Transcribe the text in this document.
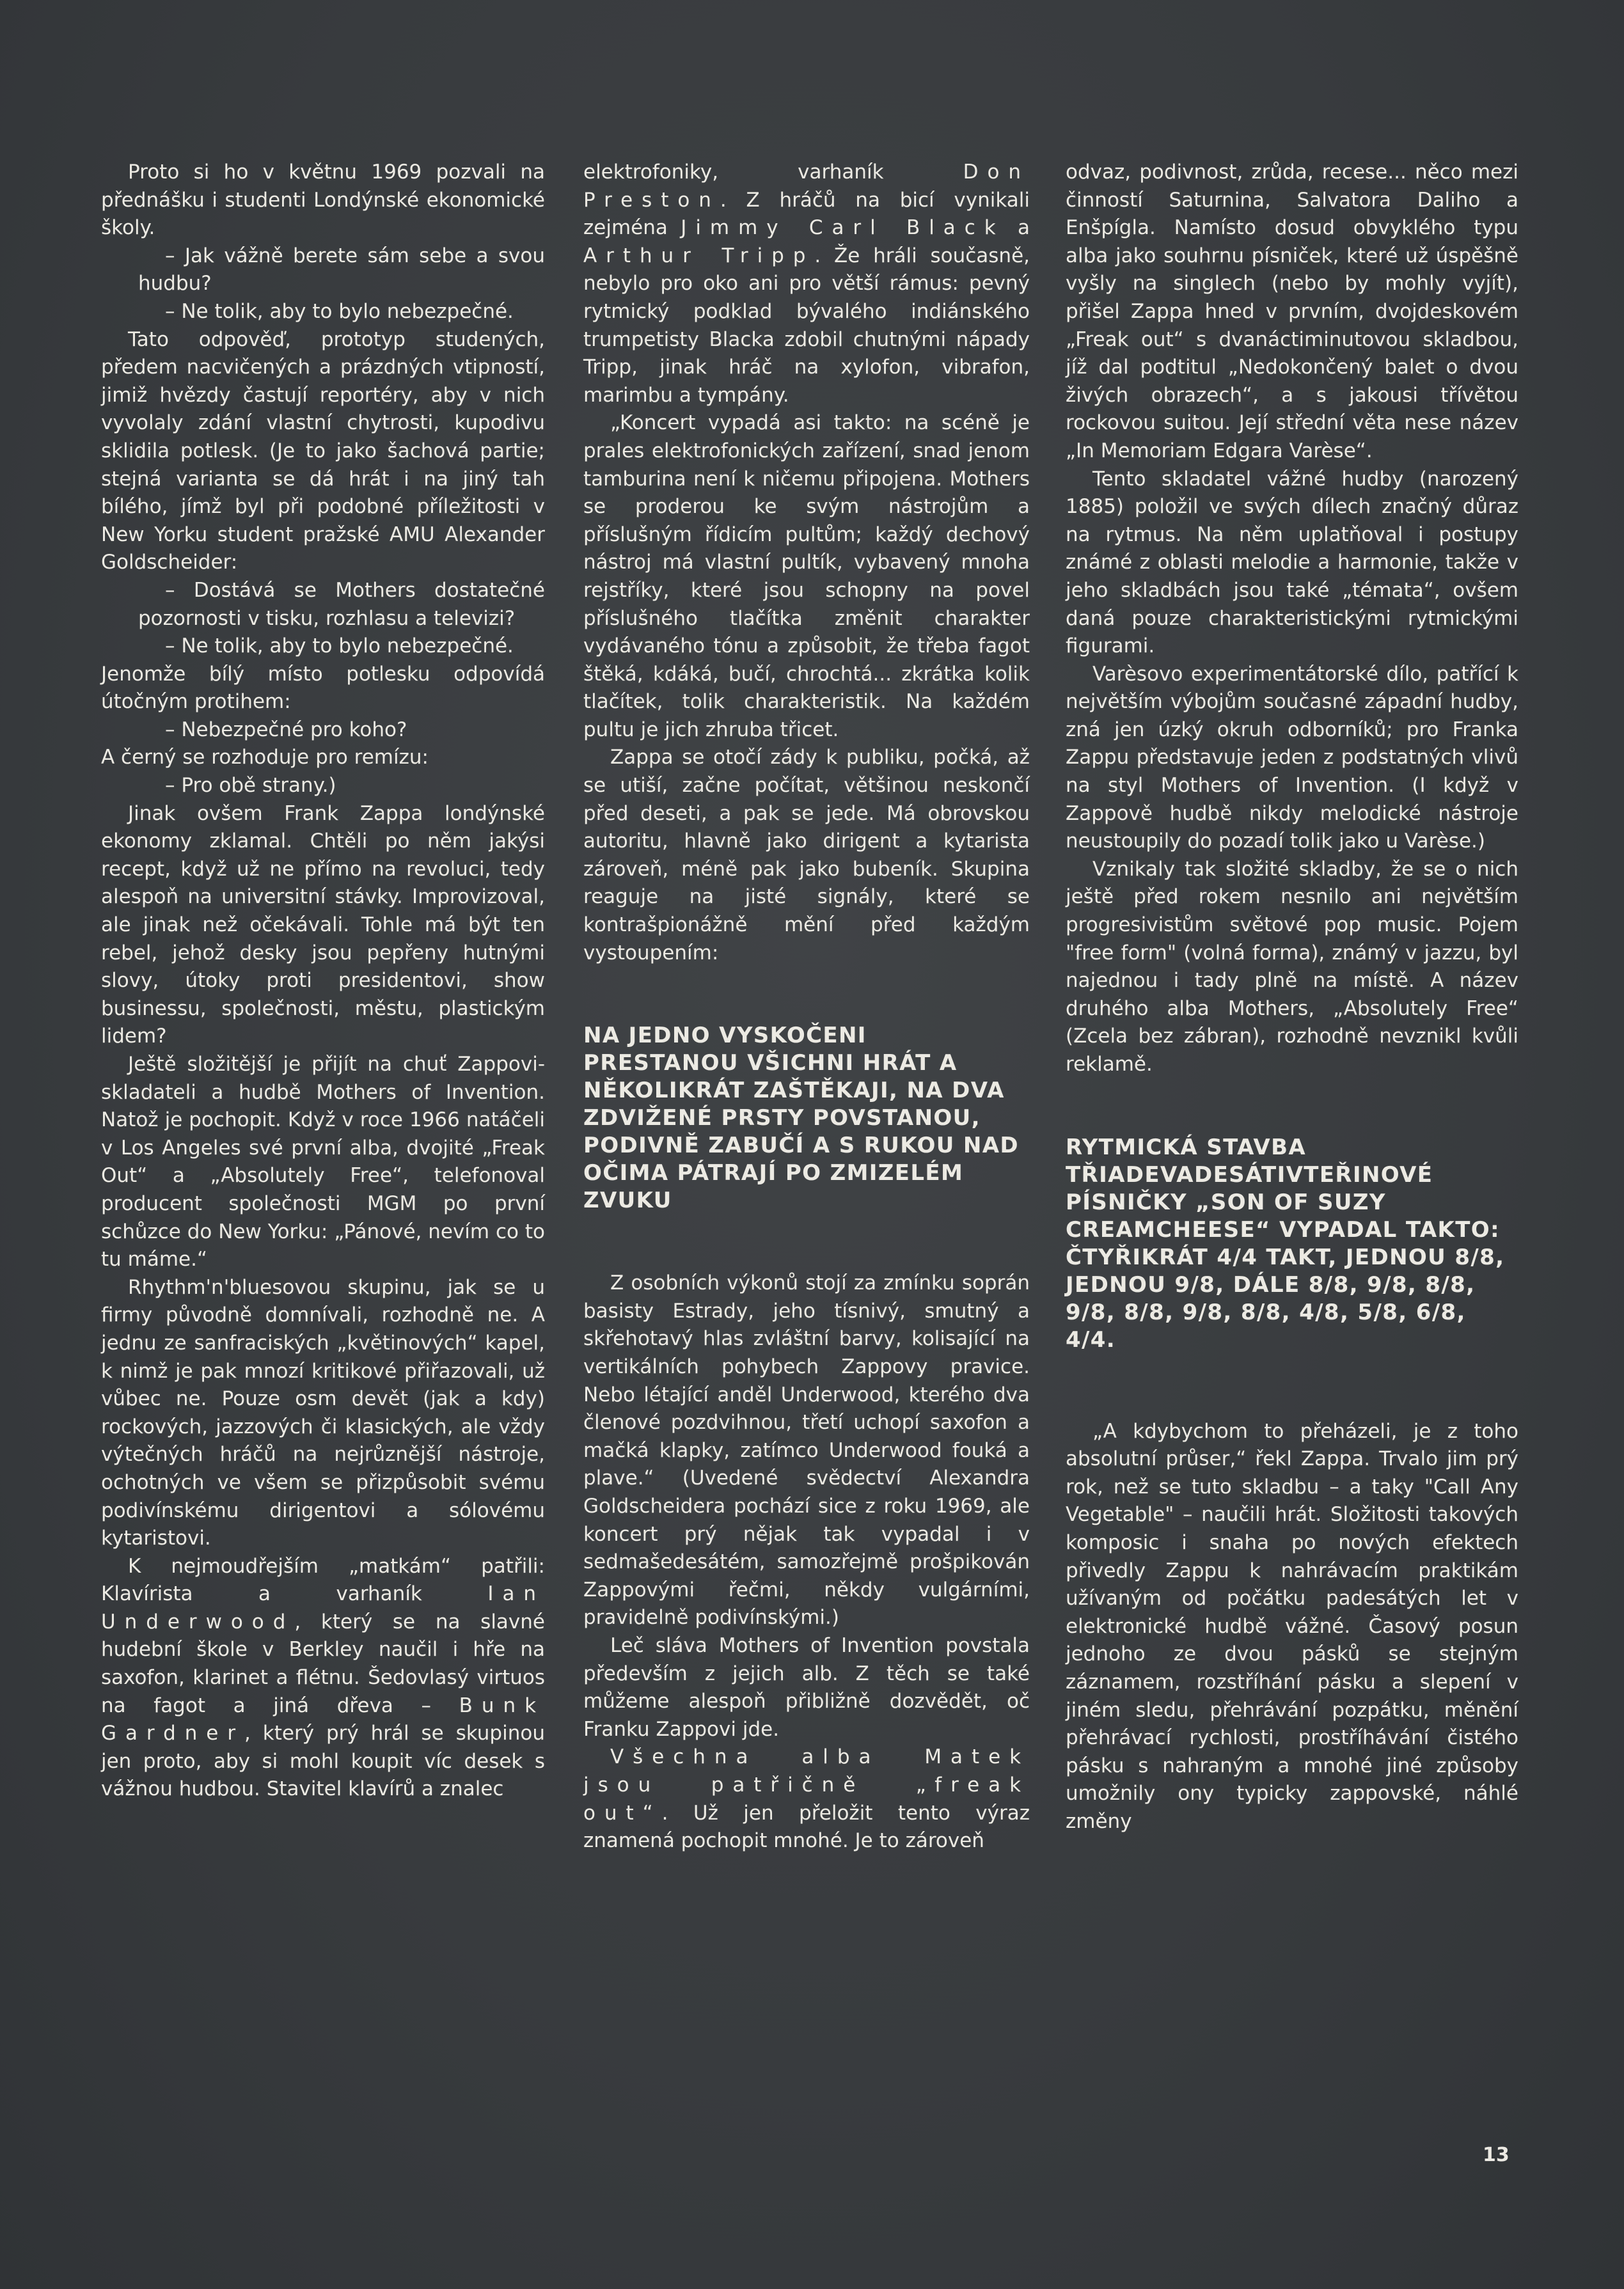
Proto si ho v květnu 1969 pozvali na přednášku i studenti Londýnské ekonomické školy.

– Jak vážně berete sám sebe a svou hudbu?

– Ne tolik, aby to bylo nebezpečné.

Tato odpověď, prototyp studených, předem nacvičených a prázdných vtipností, jimiž hvězdy častují reportéry, aby v nich vyvolaly zdání vlastní chytrosti, kupodivu sklidila potlesk. (Je to jako šachová partie; stejná varianta se dá hrát i na jiný tah bílého, jímž byl při podobné příležitosti v New Yorku student pražské AMU Alexander Goldscheider:

– Dostává se Mothers dostatečné pozornosti v tisku, rozhlasu a televizi?

– Ne tolik, aby to bylo nebezpečné.

Jenomže bílý místo potlesku odpovídá útočným protihem:

– Nebezpečné pro koho?

A černý se rozhoduje pro remízu:

– Pro obě strany.)

Jinak ovšem Frank Zappa londýnské ekonomy zklamal. Chtěli po něm jakýsi recept, když už ne přímo na revoluci, tedy alespoň na universitní stávky. Improvizoval, ale jinak než očekávali. Tohle má být ten rebel, jehož desky jsou pepřeny hutnými slovy, útoky proti presidentovi, show businessu, společnosti, městu, plastickým lidem?

Ještě složitější je přijít na chuť Zappovi-skladateli a hudbě Mothers of Invention. Natož je pochopit. Když v roce 1966 natáčeli v Los Angeles své první alba, dvojité „Freak Out“ a „Absolutely Free“, telefonoval producent společnosti MGM po první schůzce do New Yorku: „Pánové, nevím co to tu máme.“

Rhythm'n'bluesovou skupinu, jak se u firmy původně domnívali, rozhodně ne. A jednu ze sanfraciských „květinových“ kapel, k nimž je pak mnozí kritikové přiřazovali, už vůbec ne. Pouze osm devět (jak a kdy) rockových, jazzových či klasických, ale vždy výtečných hráčů na nejrůznější nástroje, ochotných ve všem se přizpůsobit svému podivínskému dirigentovi a sólovému kytaristovi.

K nejmoudřejším „matkám“ patřili: Klavírista a varhaník Ian Underwood, který se na slavné hudební škole v Berkley naučil i hře na saxofon, klarinet a flétnu. Šedovlasý virtuos na fagot a jiná dřeva – Bunk Gardner, který prý hrál se skupinou jen proto, aby si mohl koupit víc desek s vážnou hudbou. Stavitel klavírů a znalec

elektrofoniky, varhaník Don Preston. Z hráčů na bicí vynikali zejména Jimmy Carl Black a Arthur Tripp. Že hráli současně, nebylo pro oko ani pro větší rámus: pevný rytmický podklad bývalého indiánského trumpetisty Blacka zdobil chutnými nápady Tripp, jinak hráč na xylofon, vibrafon, marimbu a tympány.

„Koncert vypadá asi takto: na scéně je prales elektrofonických zařízení, snad jenom tamburina není k ničemu připojena. Mothers se proderou ke svým nástrojům a příslušným řídicím pultům; každý dechový nástroj má vlastní pultík, vybavený mnoha rejstříky, které jsou schopny na povel příslušného tlačítka změnit charakter vydávaného tónu a způsobit, že třeba fagot štěká, kdáká, bučí, chrochtá... zkrátka kolik tlačítek, tolik charakteristik. Na každém pultu je jich zhruba třicet.

Zappa se otočí zády k publiku, počká, až se utiší, začne počítat, většinou neskončí před deseti, a pak se jede. Má obrovskou autoritu, hlavně jako dirigent a kytarista zároveň, méně pak jako bubeník. Skupina reaguje na jisté signály, které se kontrašpionážně mění před každým vystoupením:

NA JEDNO VYSKOČENI PRESTANOU VŠICHNI HRÁT A NĚKOLIKRÁT ZAŠTĚKAJI, NA DVA ZDVIŽENÉ PRSTY POVSTANOU, PODIVNĚ ZABUČÍ A S RUKOU NAD OČIMA PÁTRAJÍ PO ZMIZELÉM ZVUKU

Z osobních výkonů stojí za zmínku soprán basisty Estrady, jeho tísnivý, smutný a skřehotavý hlas zvláštní barvy, kolisající na vertikálních pohybech Zappovy pravice. Nebo létající anděl Underwood, kterého dva členové pozdvihnou, třetí uchopí saxofon a mačká klapky, zatímco Underwood fouká a plave.“ (Uvedené svědectví Alexandra Goldscheidera pochází sice z roku 1969, ale koncert prý nějak tak vypadal i v sedmašedesátém, samozřejmě prošpikován Zappovými řečmi, někdy vulgárními, pravidelně podivínskými.)

Leč sláva Mothers of Invention povstala především z jejich alb. Z těch se také můžeme alespoň přibližně dozvědět, oč Franku Zappovi jde.

Všechna alba Matek jsou patřičně „freak out“. Už jen přeložit tento výraz znamená pochopit mnohé. Je to zároveň

odvaz, podivnost, zrůda, recese... něco mezi činností Saturnina, Salvatora Daliho a Enšpígla. Namísto dosud obvyklého typu alba jako souhrnu písniček, které už úspěšně vyšly na singlech (nebo by mohly vyjít), přišel Zappa hned v prvním, dvojdeskovém „Freak out“ s dvanáctiminutovou skladbou, jíž dal podtitul „Nedokončený balet o dvou živých obrazech“, a s jakousi třívětou rockovou suitou. Její střední věta nese název „In Memoriam Edgara Varèse“.

Tento skladatel vážné hudby (narozený 1885) položil ve svých dílech značný důraz na rytmus. Na něm uplatňoval i postupy známé z oblasti melodie a harmonie, takže v jeho skladbách jsou také „témata“, ovšem daná pouze charakteristickými rytmickými figurami.

Varèsovo experimentátorské dílo, patřící k největším výbojům současné západní hudby, zná jen úzký okruh odborníků; pro Franka Zappu představuje jeden z podstatných vlivů na styl Mothers of Invention. (I když v Zappově hudbě nikdy melodické nástroje neustoupily do pozadí tolik jako u Varèse.)

Vznikaly tak složité skladby, že se o nich ještě před rokem nesnilo ani největším progresivistům světové pop music. Pojem "free form" (volná forma), známý v jazzu, byl najednou i tady plně na místě. A název druhého alba Mothers, „Absolutely Free“ (Zcela bez zábran), rozhodně nevznikl kvůli reklamě.

RYTMICKÁ STAVBA TŘIADEVADESÁTIVTEŘINOVÉ PÍSNIČKY „SON OF SUZY CREAMCHEESE“ VYPADAL TAKTO: ČTYŘIKRÁT 4/4 TAKT, JEDNOU 8/8, JEDNOU 9/8, DÁLE 8/8, 9/8, 8/8, 9/8, 8/8, 9/8, 8/8, 4/8, 5/8, 6/8, 4/4.

„A kdybychom to přeházeli, je z toho absolutní průser,“ řekl Zappa. Trvalo jim prý rok, než se tuto skladbu – a taky "Call Any Vegetable" – naučili hrát. Složitosti takových komposic i snaha po nových efektech přivedly Zappu k nahrávacím praktikám užívaným od počátku padesátých let v elektronické hudbě vážné. Časový posun jednoho ze dvou pásků se stejným záznamem, rozstříhání pásku a slepení v jiném sledu, přehrávání pozpátku, měnění přehrávací rychlosti, prostříhávání čistého pásku s nahraným a mnohé jiné způsoby umožnily ony typicky zappovské, náhlé změny

13
